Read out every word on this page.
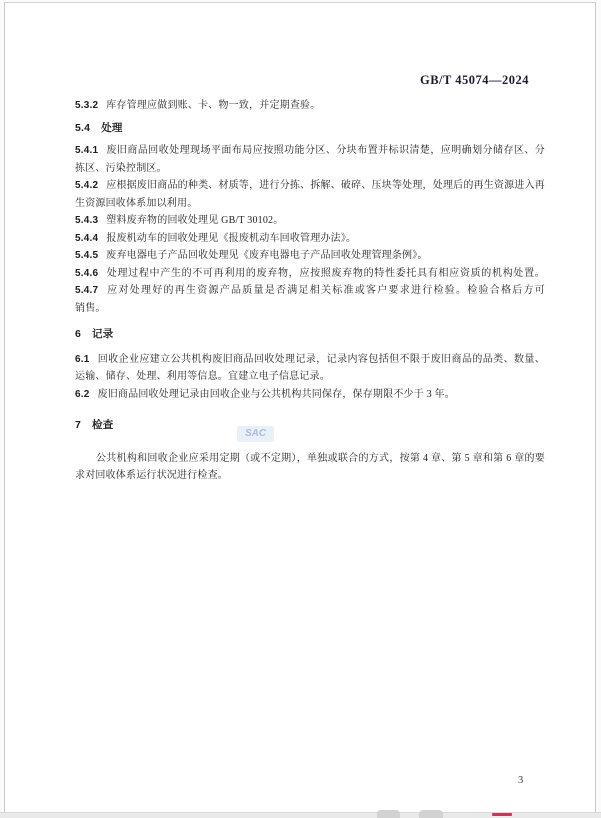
GB/T 45074—2024
5.3.2 库存管理应做到账、卡、物一致，并定期查验。
5.4 处理
5.4.1 废旧商品回收处理现场平面布局应按照功能分区、分块布置并标识清楚，应明确划分储存区、分
拣区、污染控制区。
5.4.2 应根据废旧商品的种类、材质等，进行分拣、拆解、破碎、压块等处理，处理后的再生资源进入再
生资源回收体系加以利用。
5.4.3 塑料废弃物的回收处理见 GB/T 30102。
5.4.4 报废机动车的回收处理见《报废机动车回收管理办法》。
5.4.5 废弃电器电子产品回收处理见《废弃电器电子产品回收处理管理条例》。
5.4.6 处理过程中产生的不可再利用的废弃物，应按照废弃物的特性委托具有相应资质的机构处置。
5.4.7 应对处理好的再生资源产品质量是否满足相关标准或客户要求进行检验。检验合格后方可
销售。
6 记录
6.1 回收企业应建立公共机构废旧商品回收处理记录，记录内容包括但不限于废旧商品的品类、数量、
运输、储存、处理、利用等信息。宜建立电子信息记录。
6.2 废旧商品回收处理记录由回收企业与公共机构共同保存，保存期限不少于 3 年。
7 检查
公共机构和回收企业应采用定期（或不定期），单独或联合的方式，按第 4 章、第 5 章和第 6 章的要
求对回收体系运行状况进行检查。
SAC
3
